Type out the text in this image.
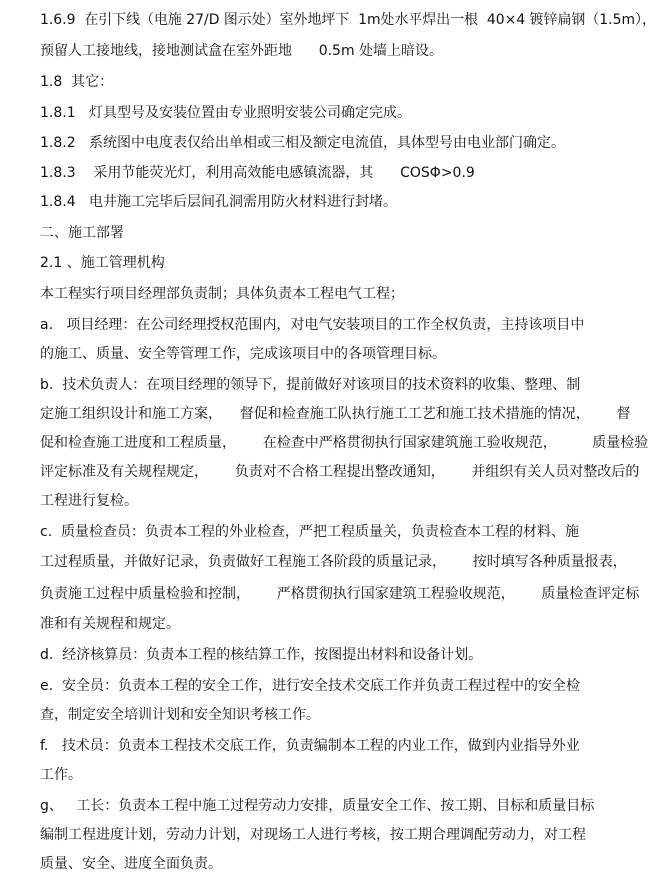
1.6.9  在引下线（电施 27/D 图示处）室外地坪下  1m处水平焊出一根  40×4 镀锌扁钢（1.5m），
预留人工接地线，接地测试盒在室外距地      0.5m 处墙上暗设。
1.8  其它：
1.8.1   灯具型号及安装位置由专业照明安装公司确定完成。
1.8.2   系统图中电度表仅给出单相或三相及额定电流值，具体型号由电业部门确定。
1.8.3    采用节能荧光灯，利用高效能电感镇流器，其      COSΦ>0.9
1.8.4   电井施工完毕后层间孔洞需用防火材料进行封堵。
二、施工部署
2.1 、施工管理机构
本工程实行项目经理部负责制；具体负责本工程电气工程；
a.   项目经理：在公司经理授权范围内，对电气安装项目的工作全权负责，主持该项目中
的施工、质量、安全等管理工作，完成该项目中的各项管理目标。
b.  技术负责人：在项目经理的领导下，提前做好对该项目的技术资料的收集、整理、制
定施工组织设计和施工方案，    督促和检查施工队执行施工工艺和施工技术措施的情况，      督
促和检查施工进度和工程质量，      在检查中严格贯彻执行国家建筑施工验收规范，        质量检验
评定标准及有关规程规定，      负责对不合格工程提出整改通知，      并组织有关人员对整改后的
工程进行复检。
c.  质量检查员：负责本工程的外业检查，严把工程质量关，负责检查本工程的材料、施
工过程质量，并做好记录，负责做好工程施工各阶段的质量记录，      按时填写各种质量报表，
负责施工过程中质量检验和控制，      严格贯彻执行国家建筑工程验收规范，      质量检查评定标
准和有关规程和规定。
d.  经济核算员：负责本工程的核结算工作，按图提出材料和设备计划。
e.  安全员：负责本工程的安全工作，进行安全技术交底工作并负责工程过程中的安全检
查，制定安全培训计划和安全知识考核工作。
f.   技术员：负责本工程技术交底工作，负责编制本工程的内业工作，做到内业指导外业
工作。
g、   工长：负责本工程中施工过程劳动力安排，质量安全工作、按工期、目标和质量目标
编制工程进度计划，劳动力计划，对现场工人进行考核，按工期合理调配劳动力，对工程
质量、安全、进度全面负责。
